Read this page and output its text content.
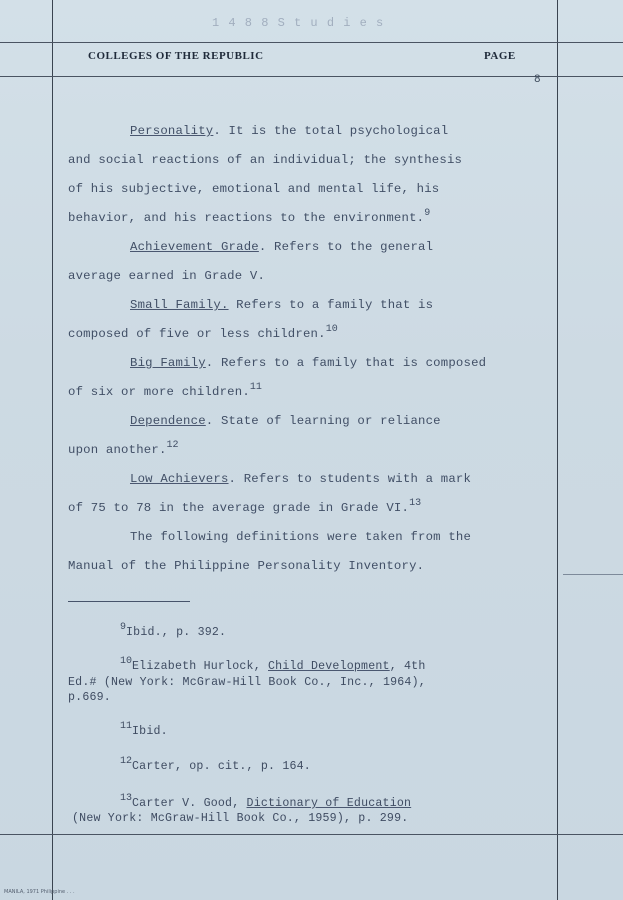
1 4 8 8 S t u d i e s
COLLEGES OF THE REPUBLIC	PAGE
8
Personality. It is the total psychological
and social reactions of an individual; the synthesis
of his subjective, emotional and mental life, his
behavior, and his reactions to the environment.$^9$
Achievement Grade. Refers to the general
average earned in Grade V.
Small Family. Refers to a family that is
composed of five or less children.$^{10}$
Big Family. Refers to a family that is composed
of six or more children.$^{11}$
Dependence. State of learning or reliance
upon another.$^{12}$
Low Achievers. Refers to students with a mark
of 75 to 78 in the average grade in Grade VI.$^{13}$
The following definitions were taken from the
Manual of the Philippine Personality Inventory.
9Ibid., p. 392.
10Elizabeth Hurlock, Child Development, 4th
Ed.# (New York: McGraw-Hill Book Co., Inc., 1964),
p.669.
11Ibid.
12Carter, op. cit., p. 164.
13Carter V. Good, Dictionary of Education
(New York: McGraw-Hill Book Co., 1959), p. 299.
MANILA, 1971 Philippine . . .
